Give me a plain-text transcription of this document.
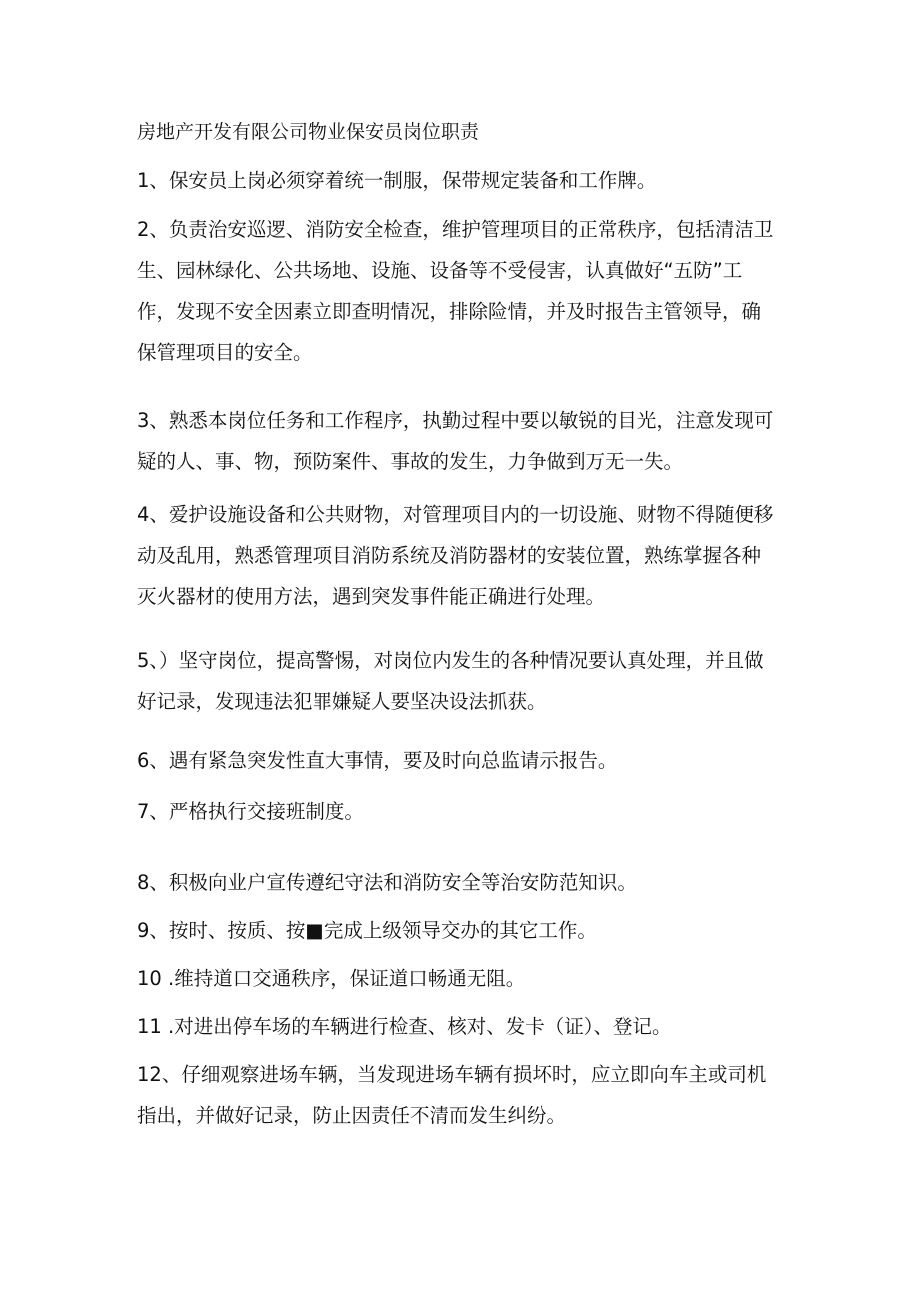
房地产开发有限公司物业保安员岗位职责
1、保安员上岗必须穿着统一制服，保带规定装备和工作牌。
2、负责治安巡逻、消防安全检查，维护管理项目的正常秩序，包括清洁卫
生、园林绿化、公共场地、设施、设备等不受侵害，认真做好“五防”工
作，发现不安全因素立即查明情况，排除险情，并及时报告主管领导，确
保管理项目的安全。
3、熟悉本岗位任务和工作程序，执勤过程中要以敏锐的目光，注意发现可
疑的人、事、物，预防案件、事故的发生，力争做到万无一失。
4、爱护设施设备和公共财物，对管理项目内的一切设施、财物不得随便移
动及乱用，熟悉管理项目消防系统及消防器材的安装位置，熟练掌握各种
灭火器材的使用方法，遇到突发事件能正确进行处理。
5、）坚守岗位，提高警惕，对岗位内发生的各种情况要认真处理，并且做
好记录，发现违法犯罪嫌疑人要坚决设法抓获。
6、遇有紧急突发性直大事情，要及时向总监请示报告。
7、严格执行交接班制度。
8、积极向业户宣传遵纪守法和消防安全等治安防范知识。
9、按时、按质、按■完成上级领导交办的其它工作。
10 .维持道口交通秩序，保证道口畅通无阻。
11 .对进出停车场的车辆进行检查、核对、发卡（证）、登记。
12、仔细观察进场车辆，当发现进场车辆有损坏时，应立即向车主或司机
指出，并做好记录，防止因责任不清而发生纠纷。
